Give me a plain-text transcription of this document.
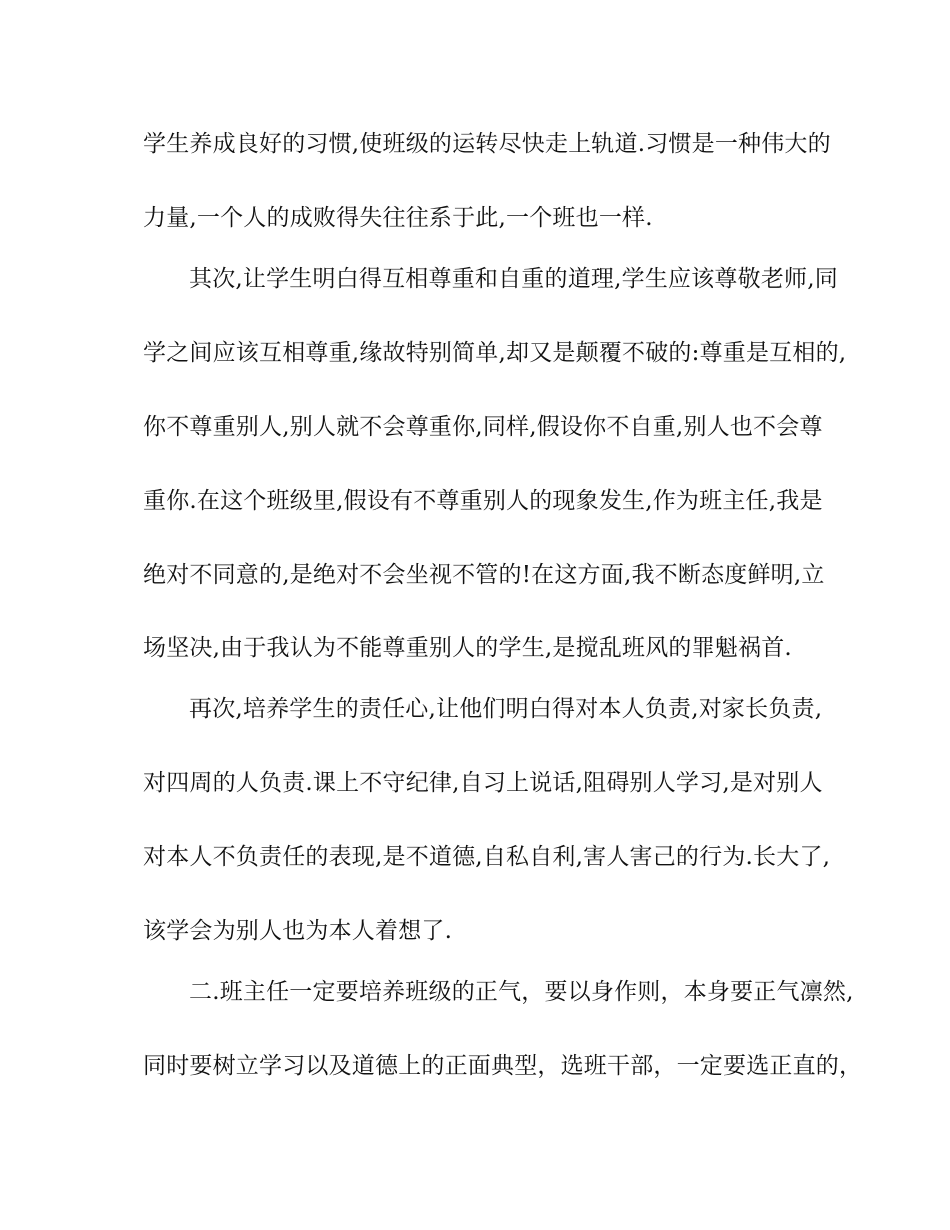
学生养成良好的习惯,使班级的运转尽快走上轨道.习惯是一种伟大的
力量,一个人的成败得失往往系于此,一个班也一样.
其次,让学生明白得互相尊重和自重的道理,学生应该尊敬老师,同
学之间应该互相尊重,缘故特别简单,却又是颠覆不破的:尊重是互相的,
你不尊重别人,别人就不会尊重你,同样,假设你不自重,别人也不会尊
重你.在这个班级里,假设有不尊重别人的现象发生,作为班主任,我是
绝对不同意的,是绝对不会坐视不管的!在这方面,我不断态度鲜明,立
场坚决,由于我认为不能尊重别人的学生,是搅乱班风的罪魁祸首.
再次,培养学生的责任心,让他们明白得对本人负责,对家长负责,
对四周的人负责.课上不守纪律,自习上说话,阻碍别人学习,是对别人
对本人不负责任的表现,是不道德,自私自利,害人害己的行为.长大了,
该学会为别人也为本人着想了.
二.班主任一定要培养班级的正气，要以身作则，本身要正气凛然,
同时要树立学习以及道德上的正面典型，选班干部，一定要选正直的，
